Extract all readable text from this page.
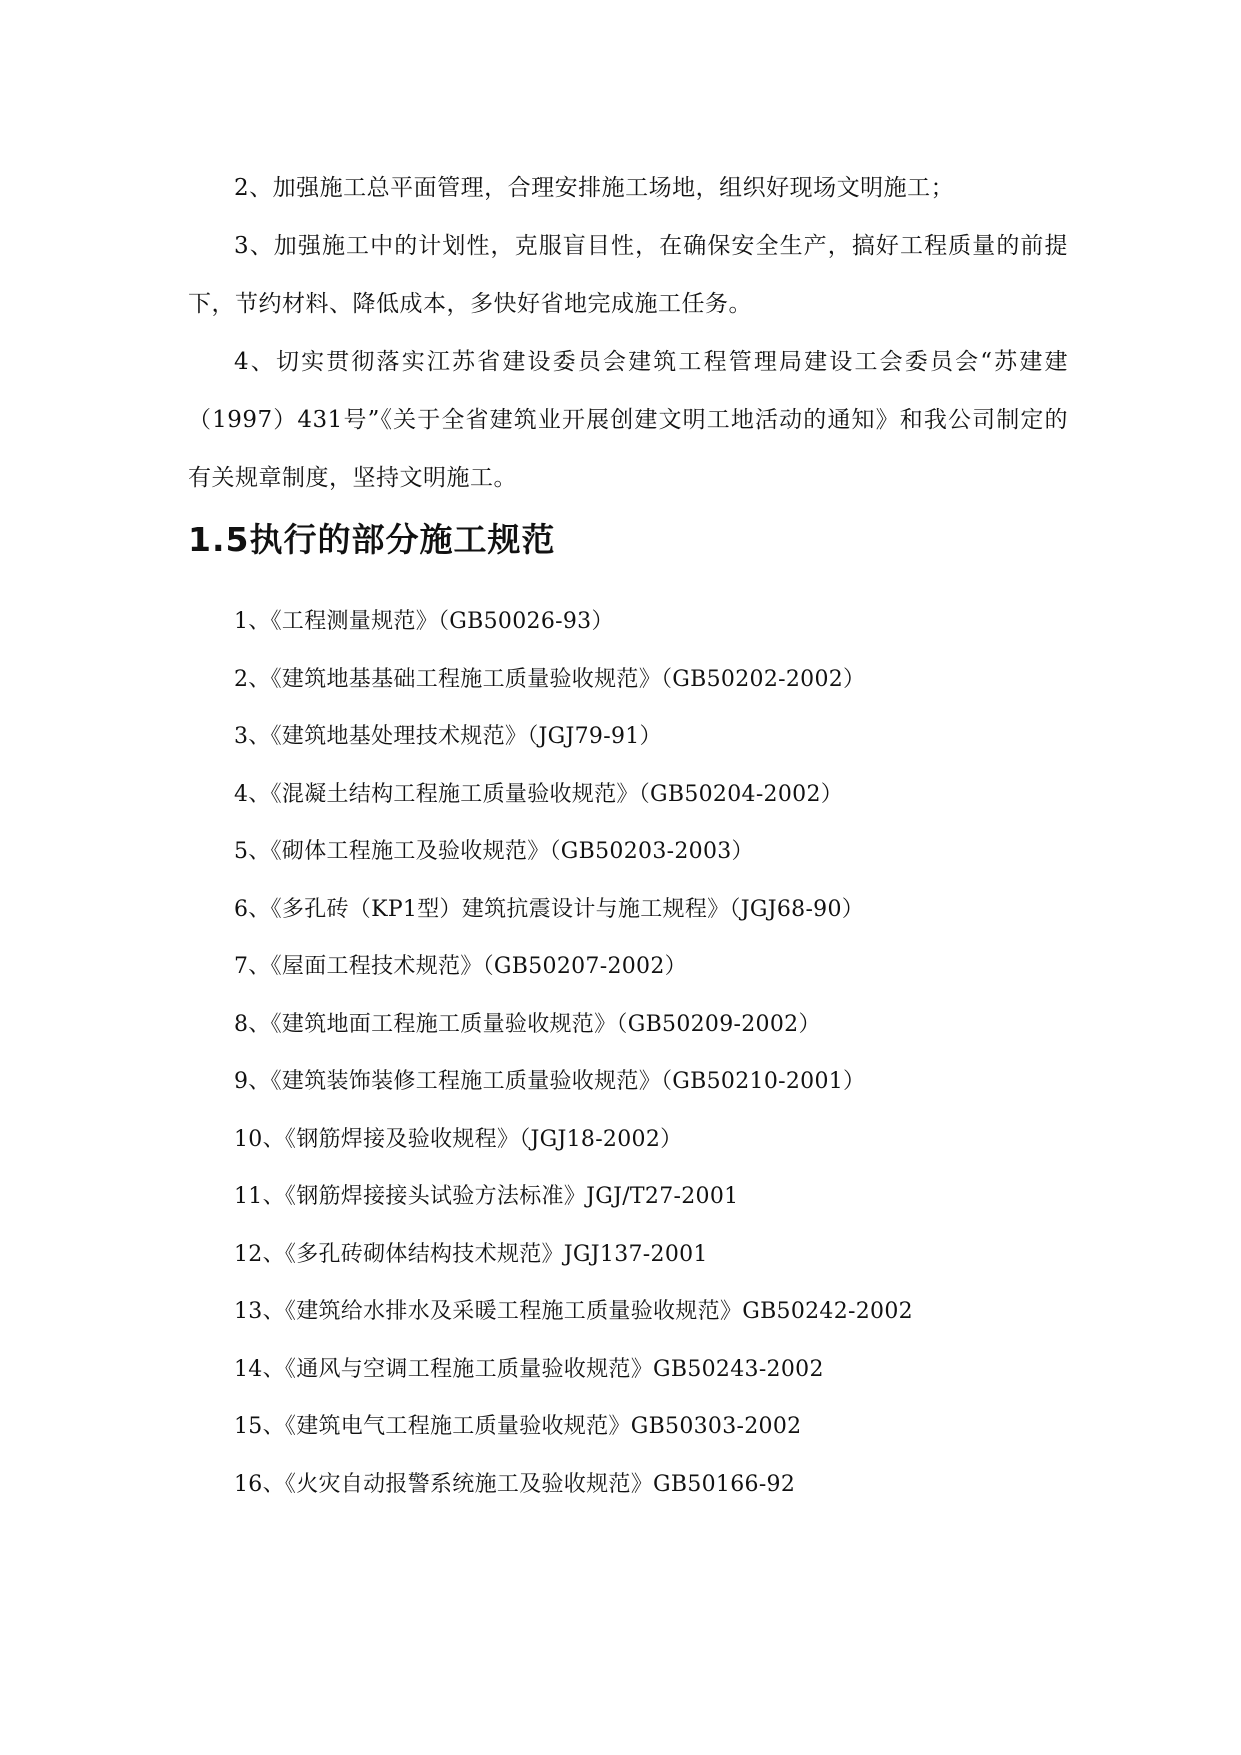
2、加强施工总平面管理，合理安排施工场地，组织好现场文明施工；

3、加强施工中的计划性，克服盲目性，在确保安全生产，搞好工程质量的前提下，节约材料、降低成本，多快好省地完成施工任务。

4、切实贯彻落实江苏省建设委员会建筑工程管理局建设工会委员会“苏建建（1997）431号”《关于全省建筑业开展创建文明工地活动的通知》和我公司制定的有关规章制度，坚持文明施工。

1.5执行的部分施工规范
1、《工程测量规范》（GB50026-93）
2、《建筑地基基础工程施工质量验收规范》（GB50202-2002）
3、《建筑地基处理技术规范》（JGJ79-91）
4、《混凝土结构工程施工质量验收规范》（GB50204-2002）
5、《砌体工程施工及验收规范》（GB50203-2003）
6、《多孔砖（KP1型）建筑抗震设计与施工规程》（JGJ68-90）
7、《屋面工程技术规范》（GB50207-2002）
8、《建筑地面工程施工质量验收规范》（GB50209-2002）
9、《建筑装饰装修工程施工质量验收规范》（GB50210-2001）
10、《钢筋焊接及验收规程》（JGJ18-2002）
11、《钢筋焊接接头试验方法标准》JGJ/T27-2001
12、《多孔砖砌体结构技术规范》JGJ137-2001
13、《建筑给水排水及采暖工程施工质量验收规范》GB50242-2002
14、《通风与空调工程施工质量验收规范》GB50243-2002
15、《建筑电气工程施工质量验收规范》GB50303-2002
16、《火灾自动报警系统施工及验收规范》GB50166-92
